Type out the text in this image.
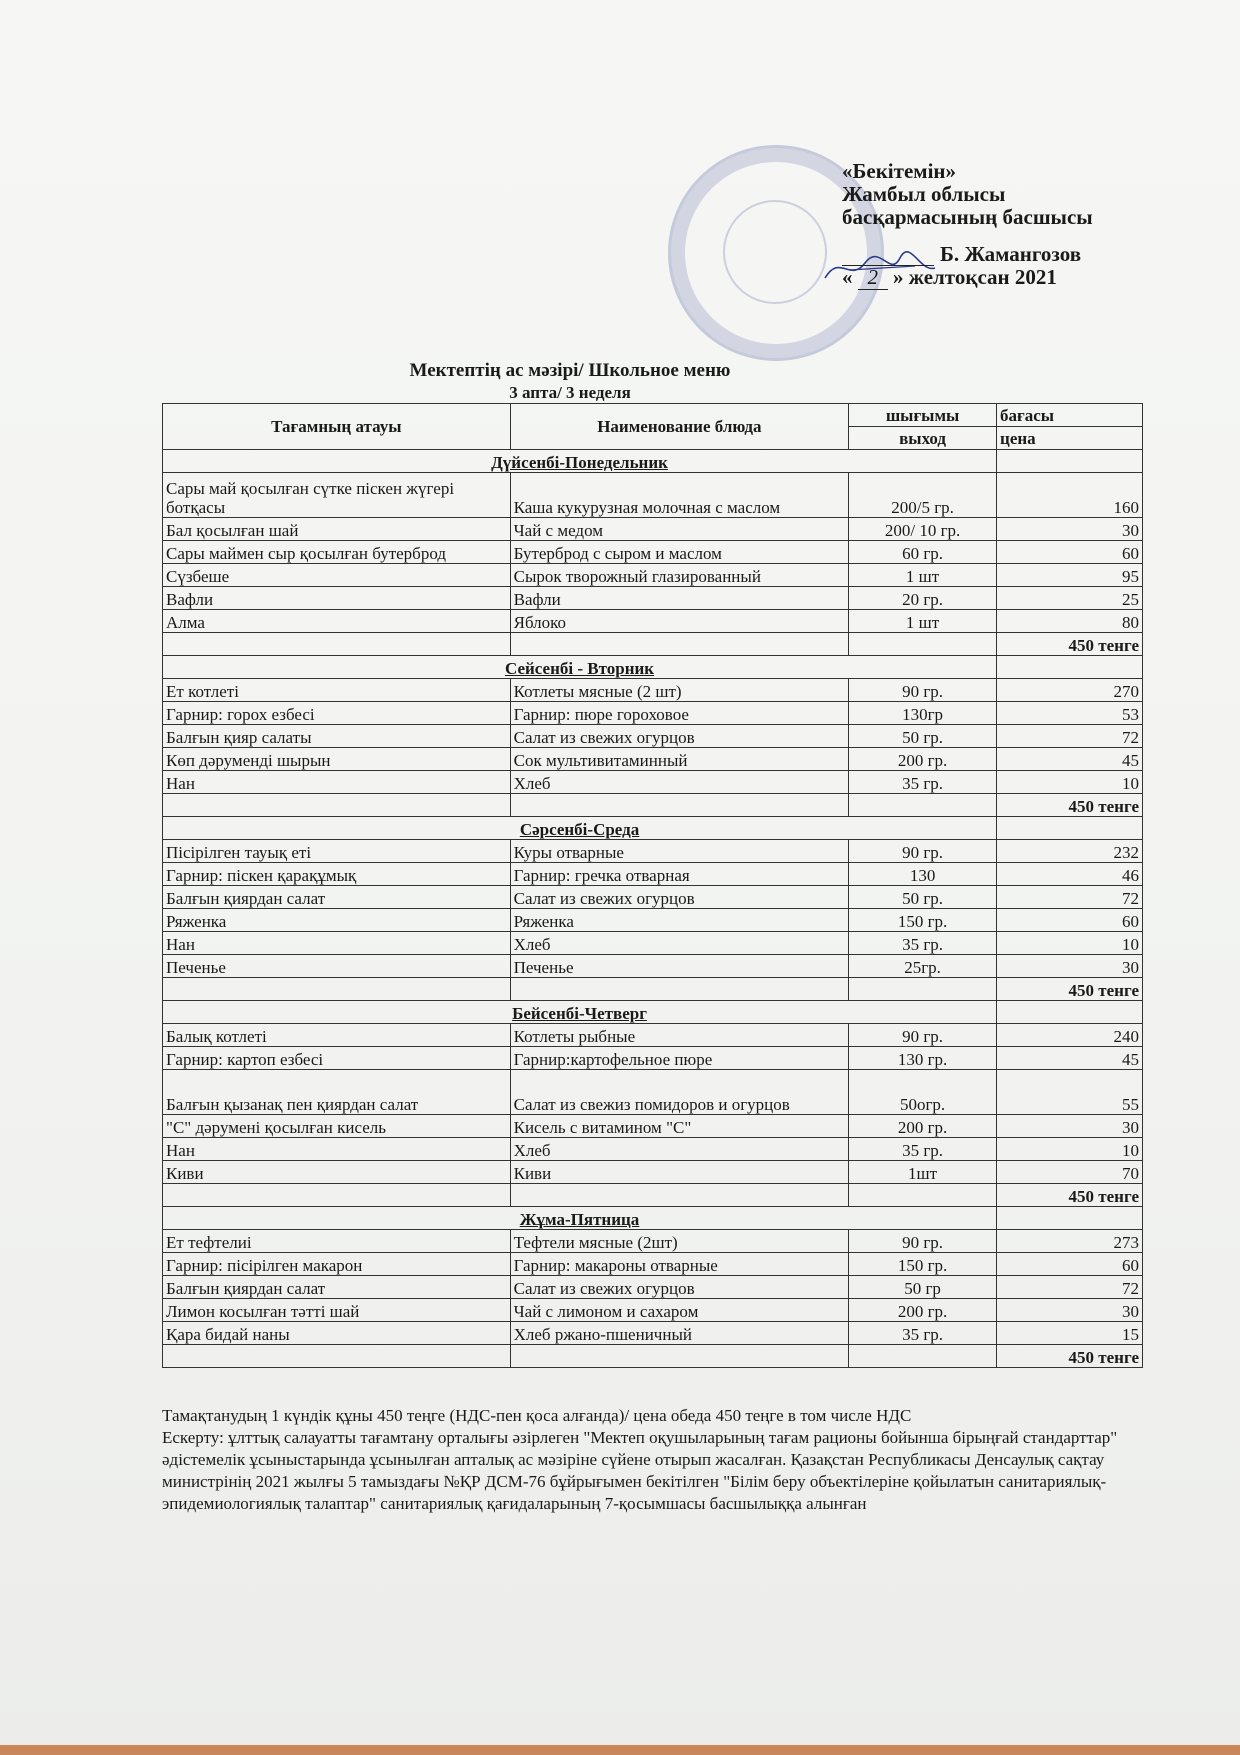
«Бекітемін»
Жамбыл облысы
басқармасының басшысы
Б. Жамангозов
« 2 » желтоқсан 2021
Мектептің ас мәзірі/ Школьное меню
3 апта/ 3 неделя
Тағамның атауы	Наименование блюда	шығымы	бағасы
		выход	цена
Дүйсенбі-Понедельник			
Сары май қосылған сүтке піскен жүгері ботқасы	Каша кукурузная молочная с маслом	200/5 гр.	160
Бал қосылған шай	Чай с медом	200/ 10 гр.	30
Сары маймен сыр қосылған бутерброд	Бутерброд с сыром и маслом	60 гр.	60
Сүзбеше	Сырок творожный глазированный	1 шт	95
Вафли	Вафли	20 гр.	25
Алма	Яблоко	1 шт	80
			450 тенге
Сейсенбі - Вторник			
Ет котлеті	Котлеты мясные (2 шт)	90 гр.	270
Гарнир: горох езбесі	Гарнир: пюре гороховое	130гр	53
Балғын қияр салаты	Салат из свежих огурцов	50 гр.	72
Көп дәруменді шырын	Сок мультивитаминный	200 гр.	45
Нан	Хлеб	35 гр.	10
			450 тенге
Сәрсенбі-Среда			
Пісірілген тауық еті	Куры отварные	90 гр.	232
Гарнир: піскен қарақұмық	Гарнир: гречка отварная	130	46
Балғын қиярдан салат	Салат из свежих огурцов	50 гр.	72
Ряженка	Ряженка	150 гр.	60
Нан	Хлеб	35 гр.	10
Печенье	Печенье	25гр.	30
			450 тенге
Бейсенбі-Четверг			
Балық котлеті	Котлеты рыбные	90 гр.	240
Гарнир: картоп езбесі	Гарнир:картофельное пюре	130 гр.	45
Балғын қызанақ пен қиярдан салат	Салат из свежиз помидоров и огурцов	50огр.	55
"С" дәрумені қосылған кисель	Кисель с витамином "С"	200 гр.	30
Нан	Хлеб	35 гр.	10
Киви	Киви	1шт	70
			450 тенге
Жұма-Пятница			
Ет тефтелиі	Тефтели мясные (2шт)	90 гр.	273
Гарнир: пісірілген макарон	Гарнир: макароны отварные	150 гр.	60
Балғын қиярдан салат	Салат из свежих огурцов	50 гр	72
Лимон косылған тәтті шай	Чай с лимоном и сахаром	200 гр.	30
Қара бидай наны	Хлеб ржано-пшеничный	35 гр.	15
			450 тенге

Тамақтанудың 1 күндік құны 450 теңге (НДС-пен қоса алғанда)/ цена обеда 450 теңге в том числе НДС

Ескерту: ұлттық салауатты тағамтану орталығы әзірлеген "Мектеп оқушыларының тағам рационы бойынша бірыңғай стандарттар" әдістемелік ұсыныстарында ұсынылған апталық ас мәзіріне сүйене отырып жасалған. Қазақстан Республикасы Денсаулық сақтау министрінің 2021 жылғы 5 тамыздағы №ҚР ДСМ-76 бұйрығымен бекітілген "Білім беру объектілеріне қойылатын санитариялық-эпидемиологиялық талаптар" санитариялық қағидаларының 7-қосымшасы басшылыққа алынған
